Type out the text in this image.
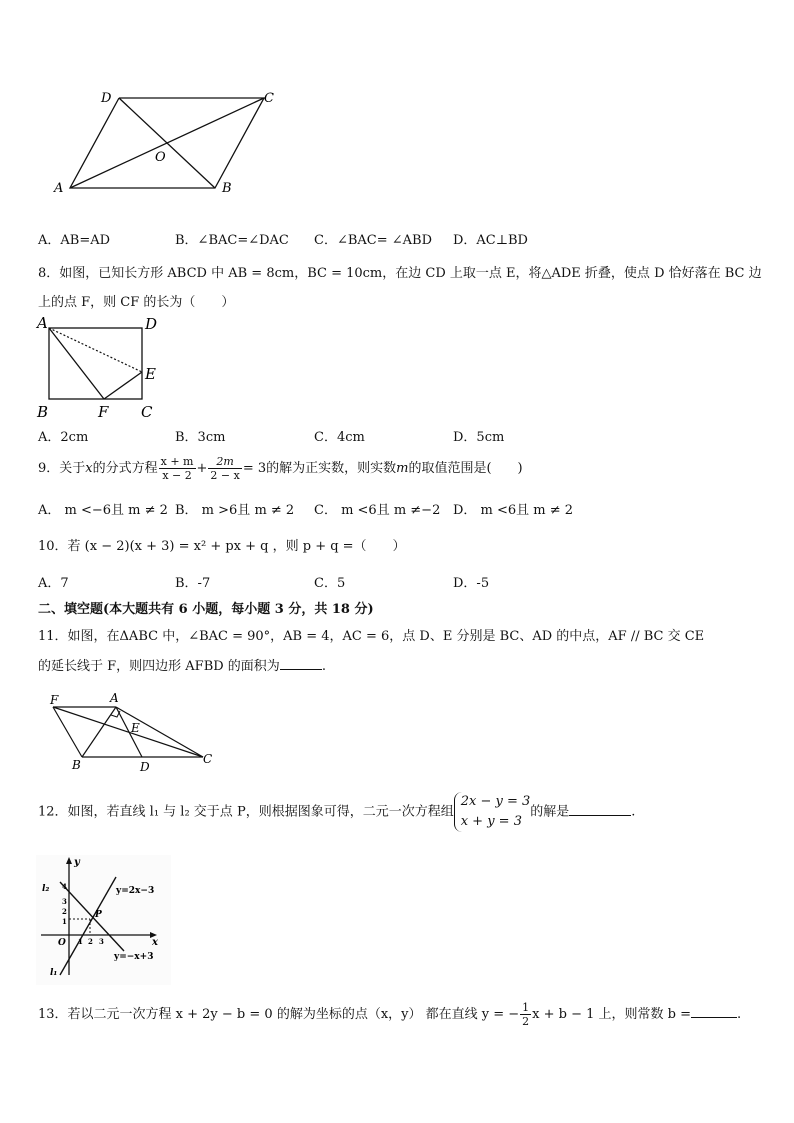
D	C
O
A	B
A．AB=AD	B．∠BAC=∠DAC C．∠BAC= ∠ABD D．AC⊥BD
8．如图，已知长方形 ABCD 中 AB = 8cm，BC = 10cm，在边 CD 上取一点 E，将△ADE 折叠，使点 D 恰好落在 BC 边
上的点 F，则 CF 的长为（　　）
A	D
E
B	F C
A．2cm	B．3cm	C．4cm	D．5cm
9．关于x的分式方程 $\frac{x + m}{x - 2} + \frac{2m}{2 - x} = 3$的解为正实数，则实数m的取值范围是(　　)
A． m <−6且 m ≠ 2 B． m >6且 m ≠ 2 C． m <6且 m ≠−2 D． m <6且 m ≠ 2
10．若 (x − 2)(x + 3) = x² + px + q ，则 p + q =（　　）
A．7	B．-7	C．5	D．-5
二、填空题(本大题共有 6 小题，每小题 3 分，共 18 分)
11．如图，在ΔABC 中，∠BAC = 90°，AB = 4，AC = 6，点 D、E 分别是 BC、AD 的中点，AF // BC 交 CE
的延长线于 F，则四边形 AFBD 的面积为	.
F	A
E
B	D
C
12．如图，若直线 l₁ 与 l₂ 交于点 P，则根据图象可得，二元一次方程组
2x − y = 3
x + y = 3
的解是	.
y
x
O
P
l₂
l₁
y=2x−3
y=−x+3
4
3
2
1
1 2 3
13．若以二元一次方程 x + 2y − b = 0 的解为坐标的点（x，y） 都在直线 y = − $\frac{1}{2}$ x + b − 1 上，则常数 b =	.
